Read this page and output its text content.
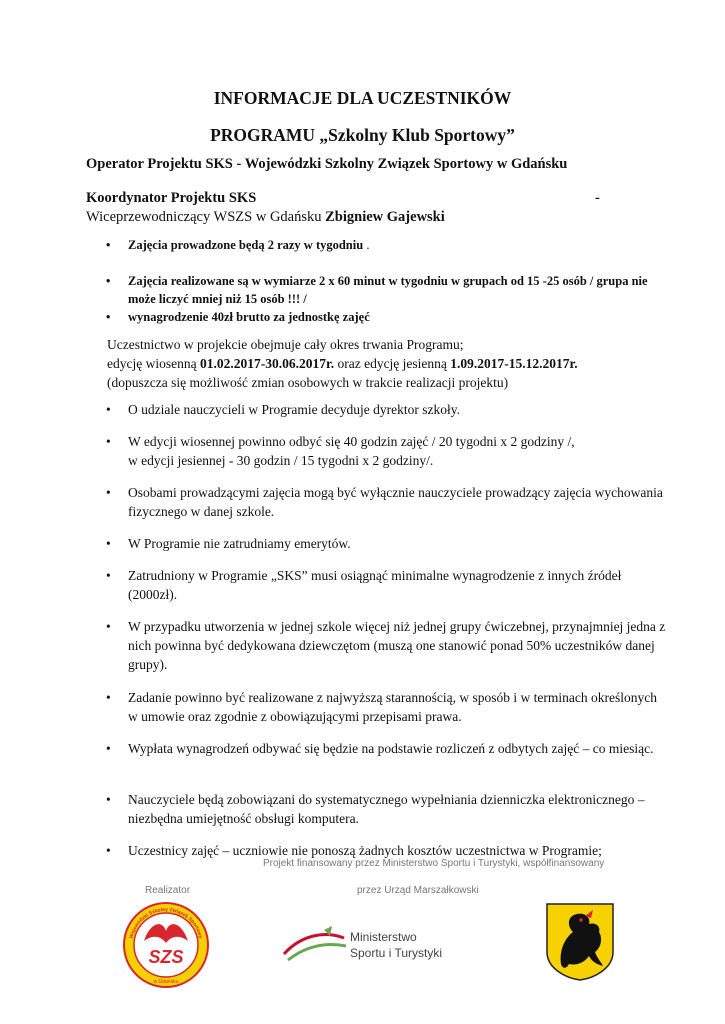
INFORMACJE DLA UCZESTNIKÓW
PROGRAMU „Szkolny Klub Sportowy”
Operator Projektu SKS - Wojewódzki Szkolny Związek Sportowy w Gdańsku
Koordynator Projektu SKS	-
Wiceprzewodniczący WSZS w Gdańsku Zbigniew Gajewski
• Zajęcia prowadzone będą 2 razy w tygodniu .
• Zajęcia realizowane są w wymiarze 2 x 60 minut w tygodniu w grupach od 15 -25 osób / grupa nie może liczyć mniej niż 15 osób !!! /
• wynagrodzenie 40zł brutto za jednostkę zajęć
Uczestnictwo w projekcie obejmuje cały okres trwania Programu;
edycję wiosenną 01.02.2017-30.06.2017r. oraz edycję jesienną 1.09.2017-15.12.2017r.
(dopuszcza się możliwość zmian osobowych w trakcie realizacji projektu)
• O udziale nauczycieli w Programie decyduje dyrektor szkoły.
• W edycji wiosennej powinno odbyć się 40 godzin zajęć / 20 tygodni x 2 godziny /,
w edycji jesiennej - 30 godzin / 15 tygodni x 2 godziny/.
• Osobami prowadzącymi zajęcia mogą być wyłącznie nauczyciele prowadzący zajęcia wychowania fizycznego w danej szkole.
• W Programie nie zatrudniamy emerytów.
• Zatrudniony w Programie „SKS” musi osiągnąć minimalne wynagrodzenie z innych źródeł (2000zł).
• W przypadku utworzenia w jednej szkole więcej niż jednej grupy ćwiczebnej, przynajmniej jedna z nich powinna być dedykowana dziewczętom (muszą one stanowić ponad 50% uczestników danej grupy).
• Zadanie powinno być realizowane z najwyższą starannością, w sposób i w terminach określonych w umowie oraz zgodnie z obowiązującymi przepisami prawa.
• Wypłata wynagrodzeń odbywać się będzie na podstawie rozliczeń z odbytych zajęć – co miesiąc.
• Nauczyciele będą zobowiązani do systematycznego wypełniania dzienniczka elektronicznego – niezbędna umiejętność obsługi komputera.
• Uczestnicy zajęć – uczniowie nie ponoszą żadnych kosztów uczestnictwa w Programie;
Projekt finansowany przez Ministerstwo Sportu i Turystyki, współfinansowany
Realizator	przez Urząd Marszałkowski
SZS
Wojewódzki Szkolny Związek Sportowy
w Gdańsku
Ministerstwo
Sportu i Turystyki
